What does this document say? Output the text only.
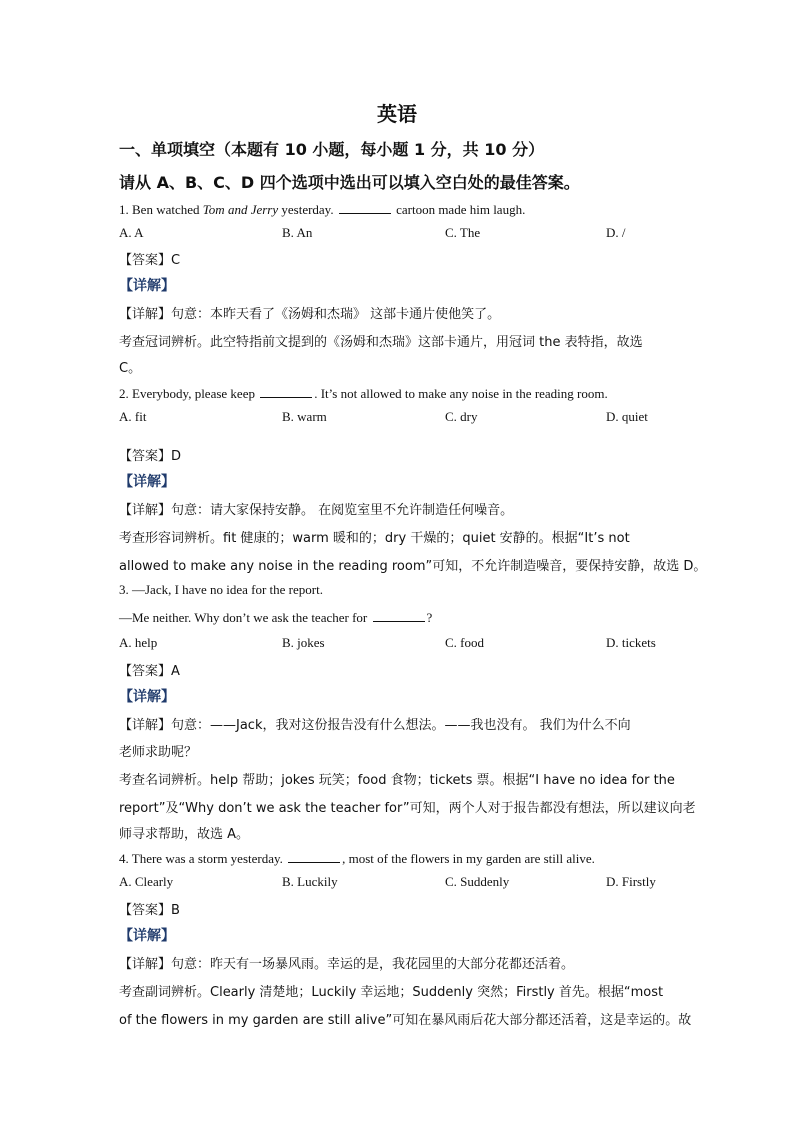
英语
一、单项填空（本题有 10 小题，每小题 1 分，共 10 分）
请从 A、B、C、D 四个选项中选出可以填入空白处的最佳答案。
1. Ben watched Tom and Jerry yesterday.	cartoon made him laugh.
A. A	B. An	C. The	D. /
【答案】C
【详解】
【详解】句意：本昨天看了《汤姆和杰瑞》 这部卡通片使他笑了。
考查冠词辨析。此空特指前文提到的《汤姆和杰瑞》这部卡通片，用冠词 the 表特指，故选
C。
2. Everybody, please keep	. It’s not allowed to make any noise in the reading room.
A. fit	B. warm	C. dry	D. quiet
【答案】D
【详解】
【详解】句意：请大家保持安静。 在阅览室里不允许制造任何噪音。
考查形容词辨析。fit 健康的；warm 暖和的；dry 干燥的；quiet 安静的。根据“It’s not
allowed to make any noise in the reading room”可知，不允许制造噪音，要保持安静，故选 D。
3. —Jack, I have no idea for the report.
—Me neither. Why don’t we ask the teacher for	?
A. help	B. jokes	C. food	D. tickets
【答案】A
【详解】
【详解】句意：——Jack，我对这份报告没有什么想法。——我也没有。 我们为什么不向
老师求助呢？
考查名词辨析。help 帮助；jokes 玩笑；food 食物；tickets 票。根据“I have no idea for the
report”及“Why don’t we ask the teacher for”可知，两个人对于报告都没有想法，所以建议向老
师寻求帮助，故选 A。
4. There was a storm yesterday.	, most of the flowers in my garden are still alive.
A. Clearly	B. Luckily	C. Suddenly	D. Firstly
【答案】B
【详解】
【详解】句意：昨天有一场暴风雨。幸运的是，我花园里的大部分花都还活着。
考查副词辨析。Clearly 清楚地；Luckily 幸运地；Suddenly 突然；Firstly 首先。根据“most
of the flowers in my garden are still alive”可知在暴风雨后花大部分都还活着，这是幸运的。故
